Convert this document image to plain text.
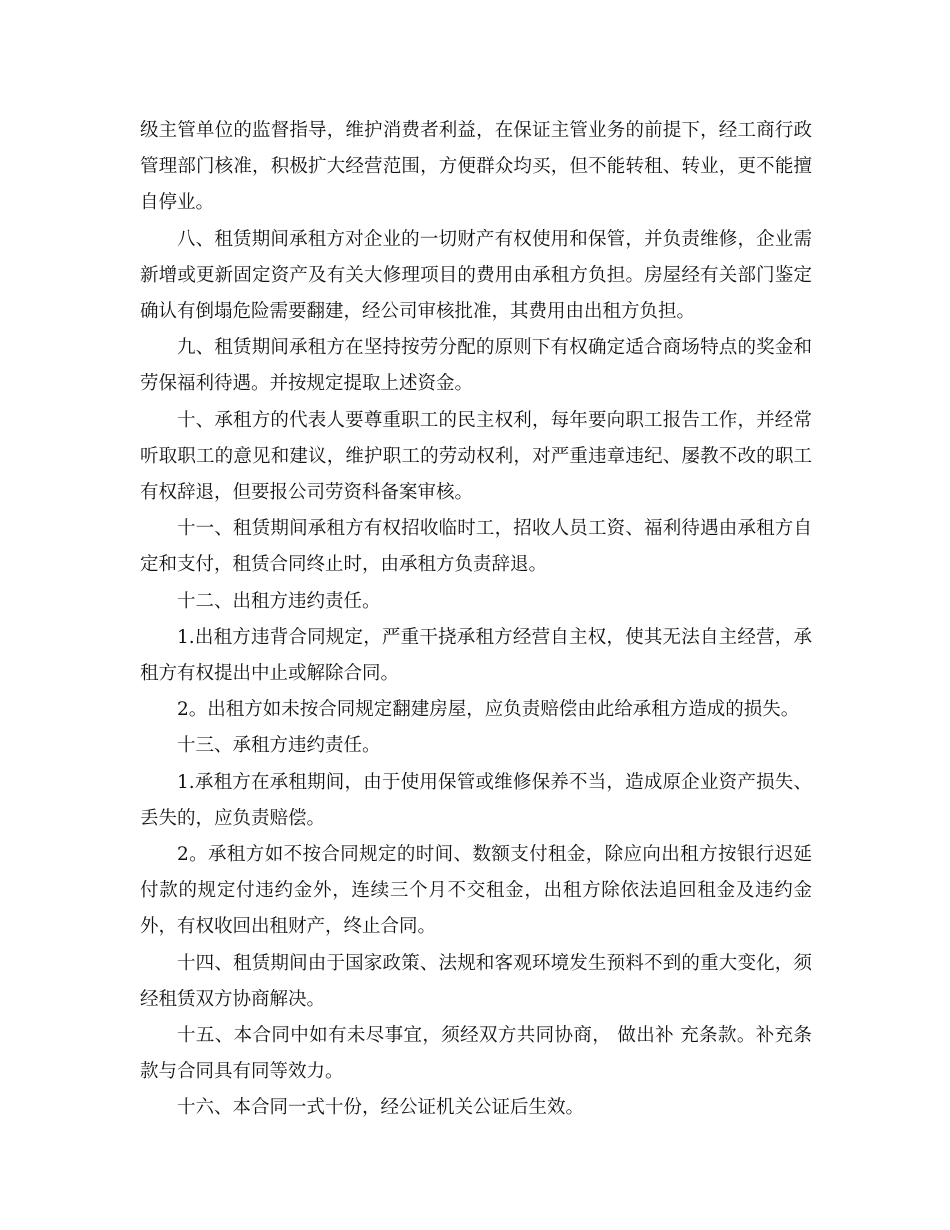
级主管单位的监督指导，维护消费者利益，在保证主管业务的前提下，经工商行政管理部门核准，积极扩大经营范围，方便群众均买，但不能转租、转业，更不能擅自停业。

八、租赁期间承租方对企业的一切财产有权使用和保管，并负责维修，企业需新增或更新固定资产及有关大修理项目的费用由承租方负担。房屋经有关部门鉴定确认有倒塌危险需要翻建，经公司审核批准，其费用由出租方负担。

九、租赁期间承租方在坚持按劳分配的原则下有权确定适合商场特点的奖金和劳保福利待遇。并按规定提取上述资金。

十、承租方的代表人要尊重职工的民主权利，每年要向职工报告工作，并经常听取职工的意见和建议，维护职工的劳动权利，对严重违章违纪、屡教不改的职工有权辞退，但要报公司劳资科备案审核。

十一、租赁期间承租方有权招收临时工，招收人员工资、福利待遇由承租方自定和支付，租赁合同终止时，由承租方负责辞退。

十二、出租方违约责任。

1.出租方违背合同规定，严重干挠承租方经营自主权，使其无法自主经营，承租方有权提出中止或解除合同。

2。出租方如未按合同规定翻建房屋，应负责赔偿由此给承租方造成的损失。

十三、承租方违约责任。

1.承租方在承租期间，由于使用保管或维修保养不当，造成原企业资产损失、丢失的，应负责赔偿。

2。承租方如不按合同规定的时间、数额支付租金，除应向出租方按银行迟延付款的规定付违约金外，连续三个月不交租金，出租方除依法追回租金及违约金外，有权收回出租财产，终止合同。

十四、租赁期间由于国家政策、法规和客观环境发生预料不到的重大变化，须经租赁双方协商解决。

十五、本合同中如有未尽事宜，须经双方共同协商， 做出补 充条款。补充条款与合同具有同等效力。

十六、本合同一式十份，经公证机关公证后生效。
